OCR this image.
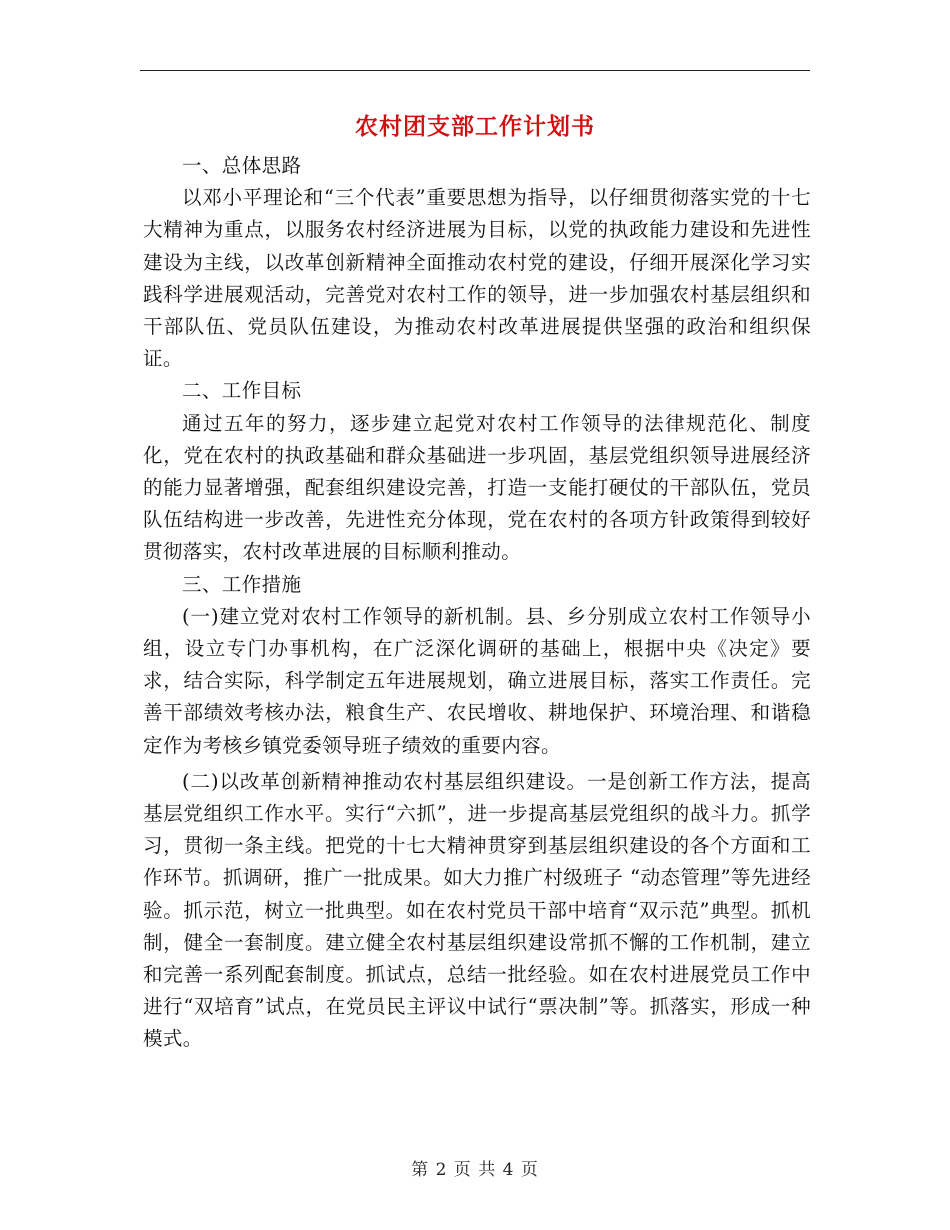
农村团支部工作计划书

一、总体思路

以邓小平理论和“三个代表”重要思想为指导，以仔细贯彻落实党的十七大精神为重点，以服务农村经济进展为目标，以党的执政能力建设和先进性建设为主线，以改革创新精神全面推动农村党的建设，仔细开展深化学习实践科学进展观活动，完善党对农村工作的领导，进一步加强农村基层组织和干部队伍、党员队伍建设，为推动农村改革进展提供坚强的政治和组织保证。

二、工作目标

通过五年的努力，逐步建立起党对农村工作领导的法律规范化、制度化，党在农村的执政基础和群众基础进一步巩固，基层党组织领导进展经济的能力显著增强，配套组织建设完善，打造一支能打硬仗的干部队伍，党员队伍结构进一步改善，先进性充分体现，党在农村的各项方针政策得到较好贯彻落实，农村改革进展的目标顺利推动。

三、工作措施

(一)建立党对农村工作领导的新机制。县、乡分别成立农村工作领导小组，设立专门办事机构，在广泛深化调研的基础上，根据中央《决定》要求，结合实际，科学制定五年进展规划，确立进展目标，落实工作责任。完善干部绩效考核办法，粮食生产、农民增收、耕地保护、环境治理、和谐稳定作为考核乡镇党委领导班子绩效的重要内容。

(二)以改革创新精神推动农村基层组织建设。一是创新工作方法，提高基层党组织工作水平。实行“六抓”，进一步提高基层党组织的战斗力。抓学习，贯彻一条主线。把党的十七大精神贯穿到基层组织建设的各个方面和工作环节。抓调研，推广一批成果。如大力推广村级班子 “动态管理”等先进经验。抓示范，树立一批典型。如在农村党员干部中培育“双示范”典型。抓机制，健全一套制度。建立健全农村基层组织建设常抓不懈的工作机制，建立和完善一系列配套制度。抓试点，总结一批经验。如在农村进展党员工作中进行“双培育”试点，在党员民主评议中试行“票决制”等。抓落实，形成一种模式。

第 2 页 共 4 页
